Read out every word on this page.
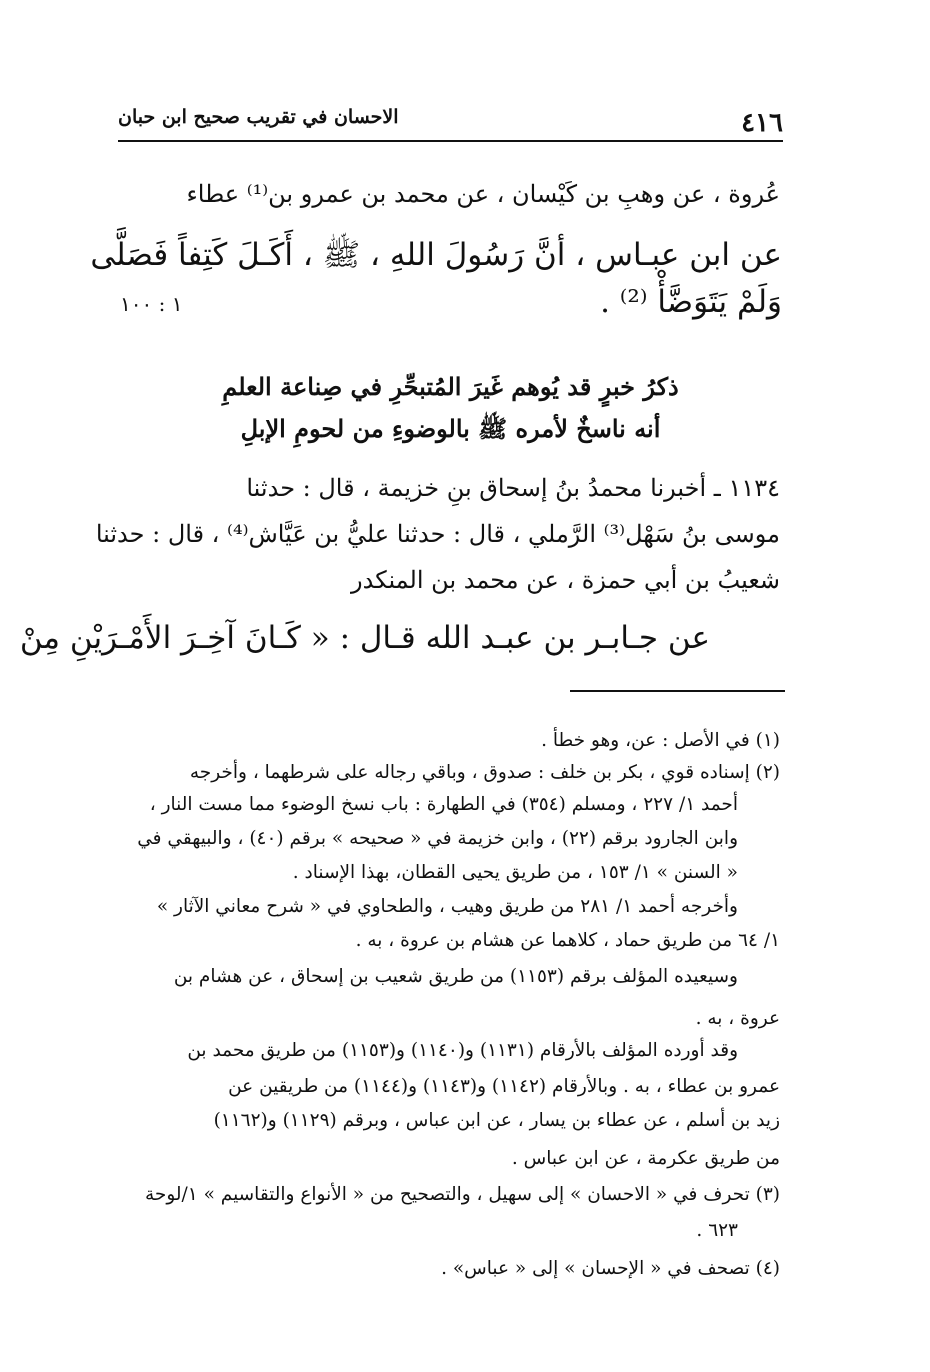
٤١٦
الاحسان في تقريب صحيح ابن حبان
عُروة ، عن وهبِ بن كَيْسان ، عن محمد بن عمرو بن⁽¹⁾ عطاء
عن ابن عبـاس ، أنَّ رَسُولَ اللهِ ، ﷺ ، أَكَـلَ كَتِفاً فَصَلَّى
وَلَمْ يَتَوَضَّأْ ⁽²⁾ .
١ : ١٠٠
ذكرُ خبرٍ قد يُوهم غَيرَ المُتبحِّرِ في صِناعة العلمِ
أنه ناسخٌ لأمره ﷺ بالوضوءِ من لحومِ الإبلِ
١١٣٤ ـ أخبرنا محمدُ بنُ إسحاق بنِ خزيمة ، قال : حدثنا
موسى بنُ سَهْل⁽³⁾ الرَّملي ، قال : حدثنا عليُّ بن عَيَّاش⁽⁴⁾ ، قال : حدثنا
شعيبُ بن أبي حمزة ، عن محمد بن المنكدر
عن جـابـر بن عبـد الله قـال : « كَـانَ آخِـرَ الأَمْـرَيْنِ مِنْ
(١) في الأصل : عن، وهو خطأ .
(٢) إسناده قوي ، بكر بن خلف : صدوق ، وباقي رجاله على شرطهما ، وأخرجه
أحمد ١/ ٢٢٧ ، ومسلم (٣٥٤) في الطهارة : باب نسخ الوضوء مما مست النار ،
وابن الجارود برقم (٢٢) ، وابن خزيمة في « صحيحه » برقم (٤٠) ، والبيهقي في
« السنن » ١/ ١٥٣ ، من طريق يحيى القطان، بهذا الإسناد .
وأخرجه أحمد ١/ ٢٨١ من طريق وهيب ، والطحاوي في « شرح معاني الآثار »
١/ ٦٤ من طريق حماد ، كلاهما عن هشام بن عروة ، به .
وسيعيده المؤلف برقم (١١٥٣) من طريق شعيب بن إسحاق ، عن هشام بن
عروة ، به .
وقد أورده المؤلف بالأرقام (١١٣١) و(١١٤٠) و(١١٥٣) من طريق محمد بن
عمرو بن عطاء ، به . وبالأرقام (١١٤٢) و(١١٤٣) و(١١٤٤) من طريقين عن
زيد بن أسلم ، عن عطاء بن يسار ، عن ابن عباس ، وبرقم (١١٢٩) و(١١٦٢)
من طريق عكرمة ، عن ابن عباس .
(٣) تحرف في « الاحسان » إلى سهيل ، والتصحيح من « الأنواع والتقاسيم » ١/لوحة
٦٢٣ .
(٤) تصحف في « الإحسان » إلى « عباس» .
